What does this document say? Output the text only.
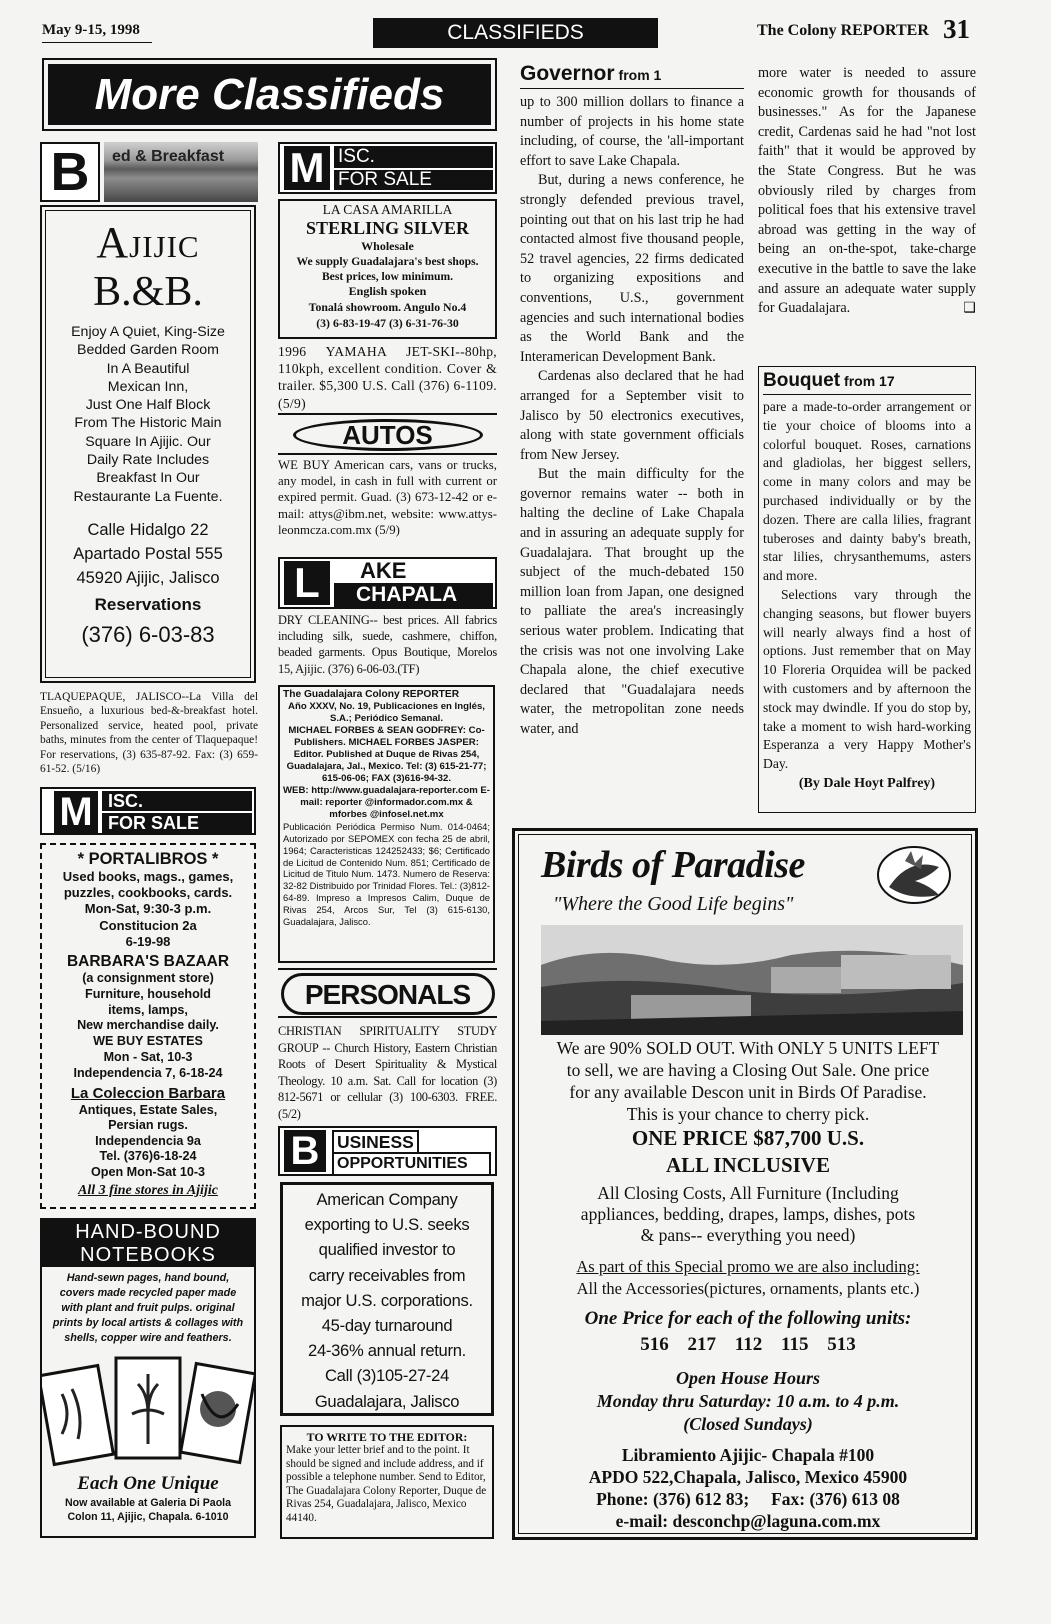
May 9-15, 1998	CLASSIFIEDS	The Colony REPORTER 31
More Classifieds
B	ed & Breakfast
Ajijic
B.&B.
Enjoy A Quiet, King-Size
Bedded Garden Room
In A Beautiful
Mexican Inn,
Just One Half Block
From The Historic Main
Square In Ajijic. Our
Daily Rate Includes
Breakfast In Our
Restaurante La Fuente.
Calle Hidalgo 22
Apartado Postal 555
45920 Ajijic, Jalisco
Reservations
(376) 6-03-83
TLAQUEPAQUE, JALISCO--La Villa del Ensueño, a luxurious bed-&-breakfast hotel. Personalized service, heated pool, private baths, minutes from the center of Tlaquepaque! For reservations, (3) 635-87-92. Fax: (3) 659-61-52. (5/16)
M ISC.
FOR SALE
* PORTALIBROS *
Used books, mags., games,
puzzles, cookbooks, cards.
Mon-Sat, 9:30-3 p.m.
Constitucion 2a
6-19-98
BARBARA'S BAZAAR
(a consignment store)
Furniture, household
items, lamps,
New merchandise daily.
WE BUY ESTATES
Mon - Sat, 10-3
Independencia 7, 6-18-24
La Coleccion Barbara
Antiques, Estate Sales,
Persian rugs.
Independencia 9a
Tel. (376)6-18-24
Open Mon-Sat 10-3
All 3 fine stores in Ajijic
HAND-BOUND
NOTEBOOKS
Hand-sewn pages, hand bound, covers made recycled paper made with plant and fruit pulps. original prints by local artists & collages with shells, copper wire and feathers.
Each One Unique
Now available at Galeria Di Paola Colon 11, Ajijic, Chapala. 6-1010
M ISC.
FOR SALE
LA CASA AMARILLA
STERLING SILVER
Wholesale
We supply Guadalajara's best shops.
Best prices, low minimum.
English spoken
Tonalá showroom. Angulo No.4
(3) 6-83-19-47 (3) 6-31-76-30
1996 YAMAHA JET-SKI--80hp, 110kph, excellent condition. Cover & trailer. $5,300 U.S. Call (376) 6-1109. (5/9)
AUTOS
WE BUY American cars, vans or trucks, any model, in cash in full with current or expired permit. Guad. (3) 673-12-42 or e-mail: attys@ibm.net, website: www.attys-leonmcza.com.mx (5/9)
L	AKE
CHAPALA
DRY CLEANING-- best prices. All fabrics including silk, suede, cashmere, chiffon, beaded garments. Opus Boutique, Morelos 15, Ajijic. (376) 6-06-03.(TF)
The Guadalajara Colony REPORTER
Año XXXV, No. 19, Publicaciones en Inglés, S.A.; Periódico Semanal.
MICHAEL FORBES & SEAN GODFREY: Co-Publishers. MICHAEL FORBES JASPER: Editor. Published at Duque de Rivas 254, Guadalajara, Jal., Mexico. Tel: (3) 615-21-77; 615-06-06; FAX (3)616-94-32.
WEB: http://www.guadalajara-reporter.com E-mail: reporter @informador.com.mx & mforbes @infosel.net.mx
Publicación Periódica Permiso Num. 014-0464; Autorizado por SEPOMEX con fecha 25 de abril, 1964; Caracteristicas 124252433; $6; Certificado de Licitud de Contenido Num. 851; Certificado de Licitud de Titulo Num. 1473. Numero de Reserva: 32-82 Distribuido por Trinidad Flores. Tel.: (3)812-64-89. Impreso a Impresos Calim, Duque de Rivas 254, Arcos Sur, Tel (3) 615-6130, Guadalajara, Jalisco.
PERSONALS
CHRISTIAN SPIRITUALITY STUDY GROUP -- Church History, Eastern Christian Roots of Desert Spirituality & Mystical Theology. 10 a.m. Sat. Call for location (3) 812-5671 or cellular (3) 100-6303. FREE. (5/2)
B	USINESS
OPPORTUNITIES
American Company
exporting to U.S. seeks
qualified investor to
carry receivables from
major U.S. corporations.
45-day turnaround
24-36% annual return.
Call (3)105-27-24
Guadalajara, Jalisco
TO WRITE TO THE EDITOR:
Make your letter brief and to the point. It should be signed and include address, and if possible a telephone number. Send to Editor, The Guadalajara Colony Reporter, Duque de Rivas 254, Guadalajara, Jalisco, Mexico 44140.
Governor from 1
up to 300 million dollars to finance a number of projects in his home state including, of course, the 'all-important effort to save Lake Chapala.
But, during a news conference, he strongly defended previous travel, pointing out that on his last trip he had contacted almost five thousand people, 52 travel agencies, 22 firms dedicated to organizing expositions and conventions, U.S., government agencies and such international bodies as the World Bank and the Interamerican Development Bank.
Cardenas also declared that he had arranged for a September visit to Jalisco by 50 electronics executives, along with state government officials from New Jersey.
But the main difficulty for the governor remains water -- both in halting the decline of Lake Chapala and in assuring an adequate supply for Guadalajara. That brought up the subject of the much-debated 150 million loan from Japan, one designed to palliate the area's increasingly serious water problem. Indicating that the crisis was not one involving Lake Chapala alone, the chief executive declared that "Guadalajara needs water, the metropolitan zone needs water, and
more water is needed to assure economic growth for thousands of businesses." As for the Japanese credit, Cardenas said he had "not lost faith" that it would be approved by the State Congress. But he was obviously riled by charges from political foes that his extensive travel abroad was getting in the way of being an on-the-spot, take-charge executive in the battle to save the lake and assure an adequate water supply for Guadalajara.	❑
Bouquet from 17
pare a made-to-order arrangement or tie your choice of blooms into a colorful bouquet. Roses, carnations and gladiolas, her biggest sellers, come in many colors and may be purchased individually or by the dozen. There are calla lilies, fragrant tuberoses and dainty baby's breath, star lilies, chrysanthemums, asters and more.
Selections vary through the changing seasons, but flower buyers will nearly always find a host of options. Just remember that on May 10 Floreria Orquidea will be packed with customers and by afternoon the stock may dwindle. If you do stop by, take a moment to wish hard-working Esperanza a very Happy Mother's Day.
(By Dale Hoyt Palfrey)
Birds of Paradise
"Where the Good Life begins"
We are 90% SOLD OUT. With ONLY 5 UNITS LEFT
to sell, we are having a Closing Out Sale. One price
for any available Descon unit in Birds Of Paradise.
This is your chance to cherry pick.
ONE PRICE $87,700 U.S.
ALL INCLUSIVE
All Closing Costs, All Furniture (Including
appliances, bedding, drapes, lamps, dishes, pots
& pans-- everything you need)
As part of this Special promo we are also including:
All the Accessories(pictures, ornaments, plants etc.)
One Price for each of the following units:
516 217 112 115 513
Open House Hours
Monday thru Saturday: 10 a.m. to 4 p.m.
(Closed Sundays)
Libramiento Ajijic- Chapala #100
APDO 522,Chapala, Jalisco, Mexico 45900
Phone: (376) 612 83; Fax: (376) 613 08
e-mail: desconchp@laguna.com.mx
